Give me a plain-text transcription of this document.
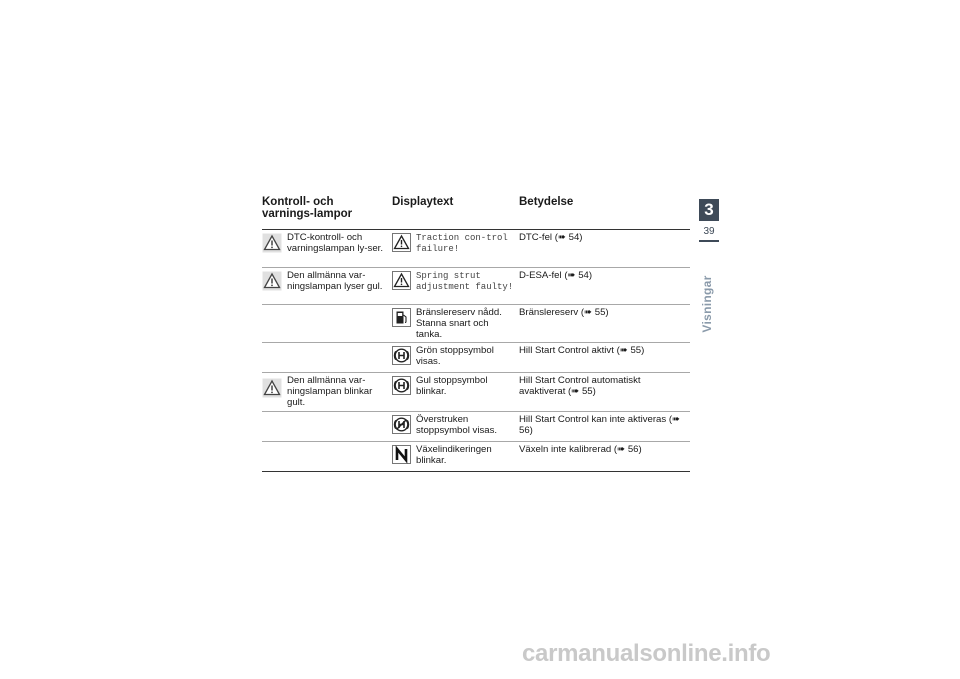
Kontroll- och varnings-lampor
Displaytext	Betydelse
DTC-kontroll- och varningslampan ly-ser.
Traction con-trol failure!
DTC-fel (➠ 54)
Den allmänna var-ningslampan lyser gul.
Spring strut adjustment faulty!
D-ESA-fel (➠ 54)
Bränslereserv nådd. Stanna snart och tanka.
Bränslereserv (➠ 55)
Grön stoppsymbol visas.
Hill Start Control aktivt (➠ 55)
Den allmänna var-ningslampan blinkar gult.
Gul stoppsymbol blinkar.
Hill Start Control automatiskt avaktiverat (➠ 55)
Överstruken stoppsymbol visas.
Hill Start Control kan inte aktiveras (➠ 56)
Växelindikeringen blinkar.
Växeln inte kalibrerad (➠ 56)
3
39
Visningar
carmanualsonline.info
